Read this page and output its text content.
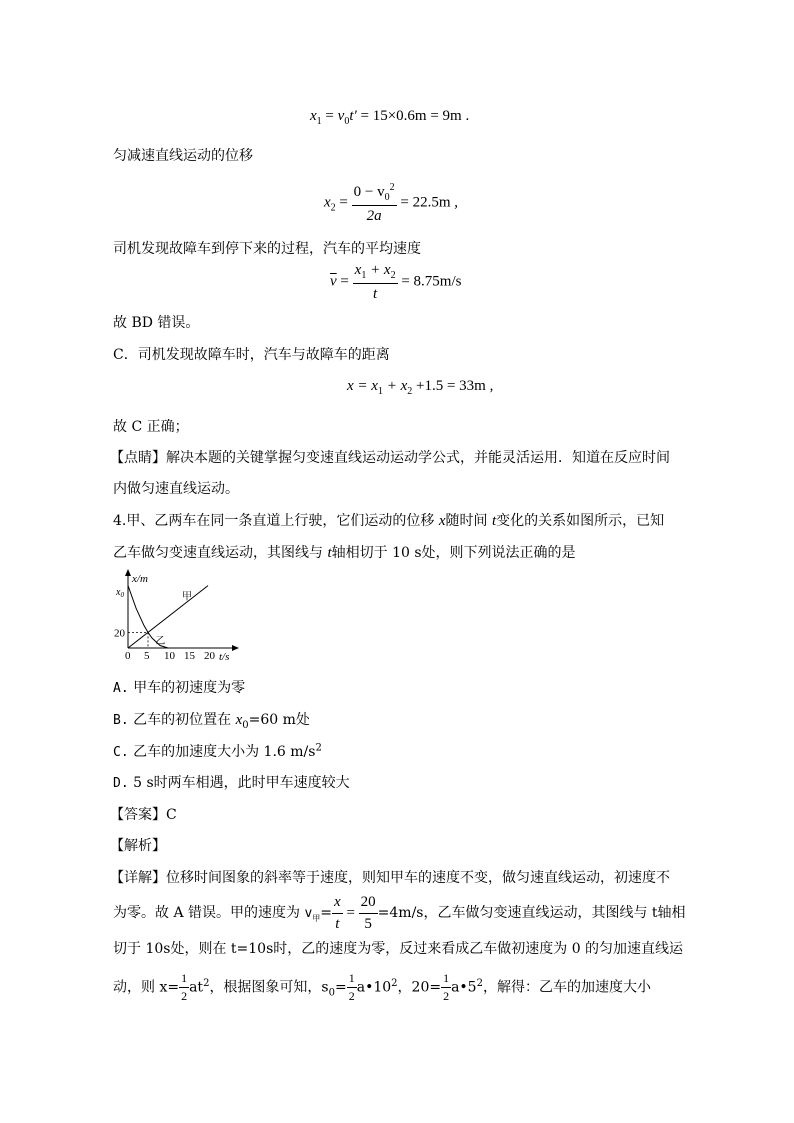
$x_1 = v_0t' = 15\times 0.6m = 9m$ .
匀减速直线运动的位移
$x_2 = \frac{0 - v_0^2}{2a} = 22.5m$ ,
司机发现故障车到停下来的过程，汽车的平均速度
$\overline{v} = \frac{x_1 + x_2}{t} = 8.75m/s$
故 BD 错误。
C．司机发现故障车时，汽车与故障车的距离
$x = x_1 + x_2 +1.5 = 33m$ ,
故 C 正确；
【点睛】解决本题的关键掌握匀变速直线运动运动学公式，并能灵活运用．知道在反应时间
内做匀速直线运动。
4.甲、乙两车在同一条直道上行驶，它们运动的位移 x随时间 t变化的关系如图所示，已知
乙车做匀变速直线运动，其图线与 t轴相切于 10 s处，则下列说法正确的是
x/m
t/s
$x_0$
0 5 10 15 20
20
甲
乙
A. 甲车的初速度为零
B. 乙车的初位置在 $x_0=60$ m处
C. 乙车的加速度大小为 1.6 $m/s^2$
D. 5 s时两车相遇，此时甲车速度较大
【答案】C
【解析】
【详解】位移时间图象的斜率等于速度，则知甲车的速度不变，做匀速直线运动，初速度不
为零。故 A 错误。甲的速度为 $v_甲= \frac{x}{t} = \frac{20}{5} =4m/s$，乙车做匀变速直线运动，其图线与 t轴相
切于 10s处，则在 t=10s时，乙的速度为零，反过来看成乙车做初速度为 0 的匀加速直线运
动，则 $x= \frac{1}{2} at^2$，根据图象可知，$s_0= \frac{1}{2}$ $a•10^2$，$20= \frac{1}{2}$ $a•5^2$，解得：乙车的加速度大小
